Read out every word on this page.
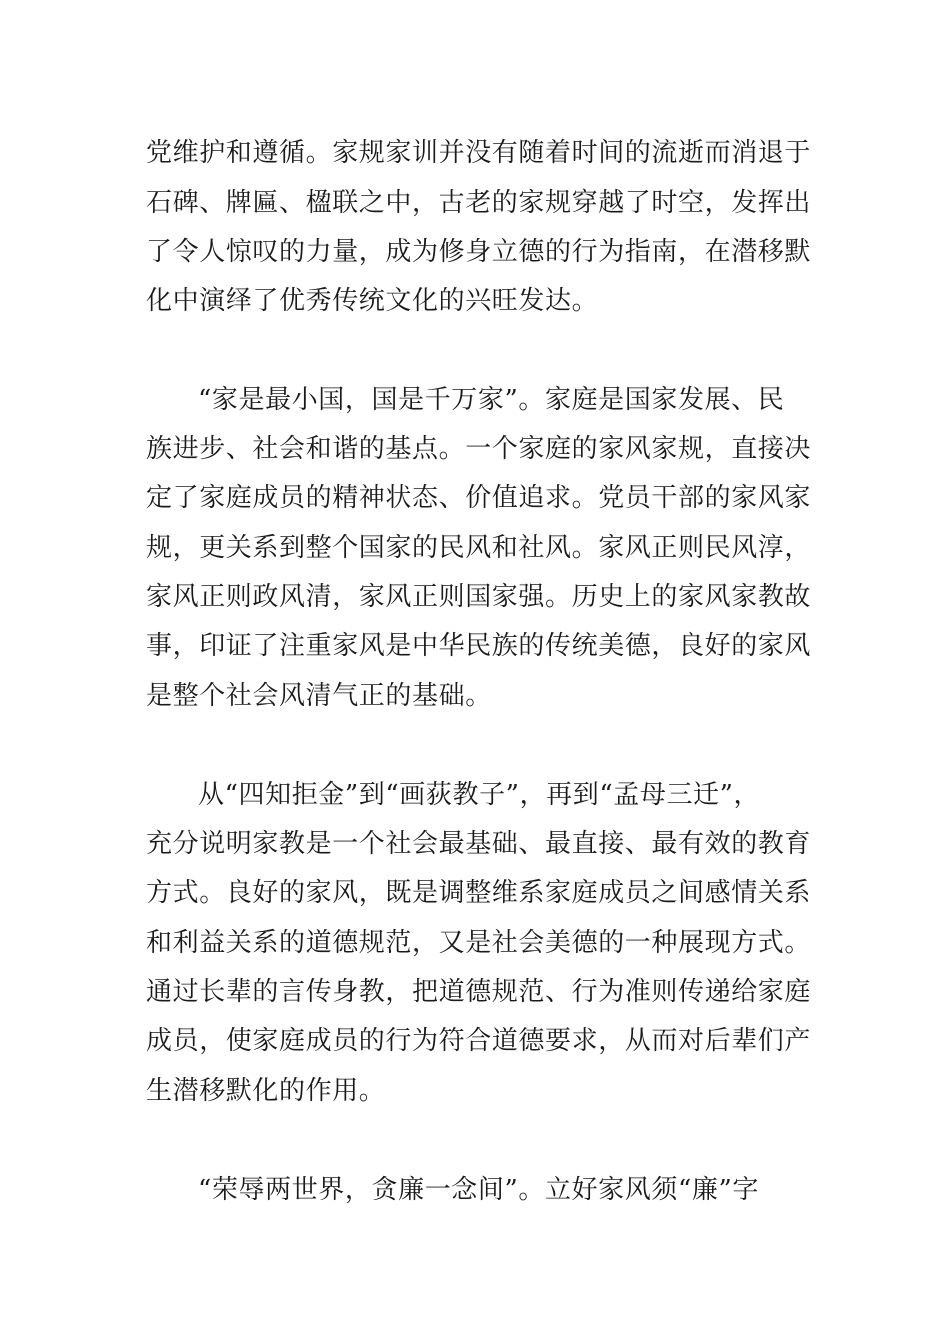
党维护和遵循。家规家训并没有随着时间的流逝而消退于
石碑、牌匾、楹联之中，古老的家规穿越了时空，发挥出
了令人惊叹的力量，成为修身立德的行为指南，在潜移默
化中演绎了优秀传统文化的兴旺发达。
“家是最小国，国是千万家”。家庭是国家发展、民
族进步、社会和谐的基点。一个家庭的家风家规，直接决
定了家庭成员的精神状态、价值追求。党员干部的家风家
规，更关系到整个国家的民风和社风。家风正则民风淳，
家风正则政风清，家风正则国家强。历史上的家风家教故
事，印证了注重家风是中华民族的传统美德，良好的家风
是整个社会风清气正的基础。
从“四知拒金”到“画荻教子”，再到“孟母三迁”，
充分说明家教是一个社会最基础、最直接、最有效的教育
方式。良好的家风，既是调整维系家庭成员之间感情关系
和利益关系的道德规范，又是社会美德的一种展现方式。
通过长辈的言传身教，把道德规范、行为准则传递给家庭
成员，使家庭成员的行为符合道德要求，从而对后辈们产
生潜移默化的作用。
“荣辱两世界，贪廉一念间”。立好家风须“廉”字
